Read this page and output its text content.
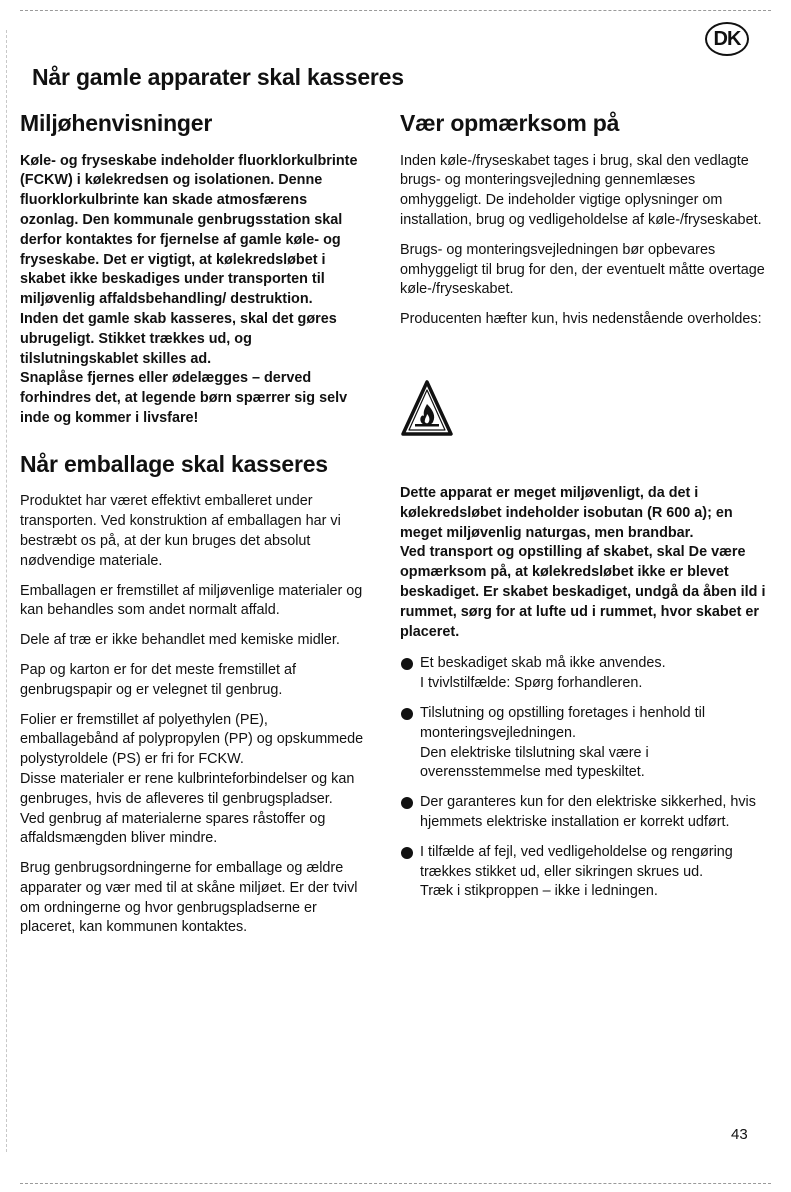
DK
Når gamle apparater skal kasseres
Miljøhenvisninger

Køle- og fryseskabe indeholder fluorklorkulbrinte (FCKW) i kølekredsen og isolationen. Denne fluorklorkulbrinte kan skade atmosfærens ozonlag. Den kommunale genbrugsstation skal derfor kontaktes for fjernelse af gamle køle- og fryseskabe. Det er vigtigt, at kølekredsløbet i skabet ikke beskadiges under transporten til miljøvenlig affaldsbehandling/ destruktion.

Inden det gamle skab kasseres, skal det gøres ubrugeligt. Stikket trækkes ud, og tilslutningskablet skilles ad.

Snaplåse fjernes eller ødelægges – derved forhindres det, at legende børn spærrer sig selv inde og kommer i livsfare!

Når emballage skal kasseres

Produktet har været effektivt emballeret under transporten. Ved konstruktion af emballagen har vi bestræbt os på, at der kun bruges det absolut nødvendige materiale.

Emballagen er fremstillet af miljøvenlige materialer og kan behandles som andet normalt affald.

Dele af træ er ikke behandlet med kemiske midler.

Pap og karton er for det meste fremstillet af genbrugspapir og er velegnet til genbrug.

Folier er fremstillet af polyethylen (PE), emballagebånd af polypropylen (PP) og opskummede polystyroldele (PS) er fri for FCKW.

Disse materialer er rene kulbrinteforbindelser og kan genbruges, hvis de afleveres til genbrugspladser.

Ved genbrug af materialerne spares råstoffer og affaldsmængden bliver mindre.

Brug genbrugsordningerne for emballage og ældre apparater og vær med til at skåne miljøet. Er der tvivl om ordningerne og hvor genbrugspladserne er placeret, kan kommunen kontaktes.

Vær opmærksom på

Inden køle-/fryseskabet tages i brug, skal den vedlagte brugs- og monteringsvejledning gennemlæses omhyggeligt. De indeholder vigtige oplysninger om installation, brug og vedligeholdelse af køle-/fryseskabet.

Brugs- og monteringsvejledningen bør opbevares omhyggeligt til brug for den, der eventuelt måtte overtage køle-/fryseskabet.

Producenten hæfter kun, hvis nedenstående overholdes:

Dette apparat er meget miljøvenligt, da det i kølekredsløbet indeholder isobutan (R 600 a); en meget miljøvenlig naturgas, men brandbar.

Ved transport og opstilling af skabet, skal De være opmærksom på, at kølekredsløbet ikke er blevet beskadiget. Er skabet beskadiget, undgå da åben ild i rummet, sørg for at lufte ud i rummet, hvor skabet er placeret.

Et beskadiget skab må ikke anvendes.

I tvivlstilfælde: Spørg forhandleren.

Tilslutning og opstilling foretages i henhold til monteringsvejledningen.

Den elektriske tilslutning skal være i overensstemmelse med typeskiltet.

Der garanteres kun for den elektriske sikkerhed, hvis hjemmets elektriske installation er korrekt udført.

I tilfælde af fejl, ved vedligeholdelse og rengøring trækkes stikket ud, eller sikringen skrues ud.

Træk i stikproppen – ikke i ledningen.

43
